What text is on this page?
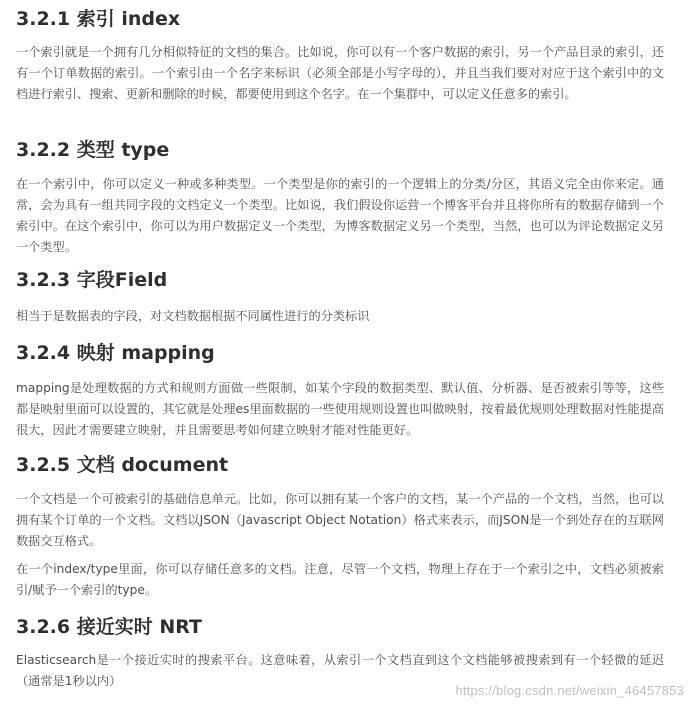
3.2.1 索引 index

一个索引就是一个拥有几分相似特征的文档的集合。比如说，你可以有一个客户数据的索引，另一个产品目录的索引，还有一个订单数据的索引。一个索引由一个名字来标识（必须全部是小写字母的），并且当我们要对对应于这个索引中的文档进行索引、搜索、更新和删除的时候，都要使用到这个名字。在一个集群中，可以定义任意多的索引。

3.2.2 类型 type

在一个索引中，你可以定义一种或多种类型。一个类型是你的索引的一个逻辑上的分类/分区，其语义完全由你来定。通常，会为具有一组共同字段的文档定义一个类型。比如说，我们假设你运营一个博客平台并且将你所有的数据存储到一个索引中。在这个索引中，你可以为用户数据定义一个类型，为博客数据定义另一个类型，当然，也可以为评论数据定义另一个类型。

3.2.3 字段Field

相当于是数据表的字段，对文档数据根据不同属性进行的分类标识

3.2.4 映射 mapping

mapping是处理数据的方式和规则方面做一些限制，如某个字段的数据类型、默认值、分析器、是否被索引等等，这些都是映射里面可以设置的，其它就是处理es里面数据的一些使用规则设置也叫做映射，按着最优规则处理数据对性能提高很大，因此才需要建立映射，并且需要思考如何建立映射才能对性能更好。

3.2.5 文档 document

一个文档是一个可被索引的基础信息单元。比如，你可以拥有某一个客户的文档，某一个产品的一个文档，当然，也可以拥有某个订单的一个文档。文档以JSON（Javascript Object Notation）格式来表示，而JSON是一个到处存在的互联网数据交互格式。

在一个index/type里面，你可以存储任意多的文档。注意，尽管一个文档，物理上存在于一个索引之中，文档必须被索引/赋予一个索引的type。

3.2.6 接近实时 NRT

Elasticsearch是一个接近实时的搜索平台。这意味着，从索引一个文档直到这个文档能够被搜索到有一个轻微的延迟（通常是1秒以内）

https://blog.csdn.net/weixin_46457853
